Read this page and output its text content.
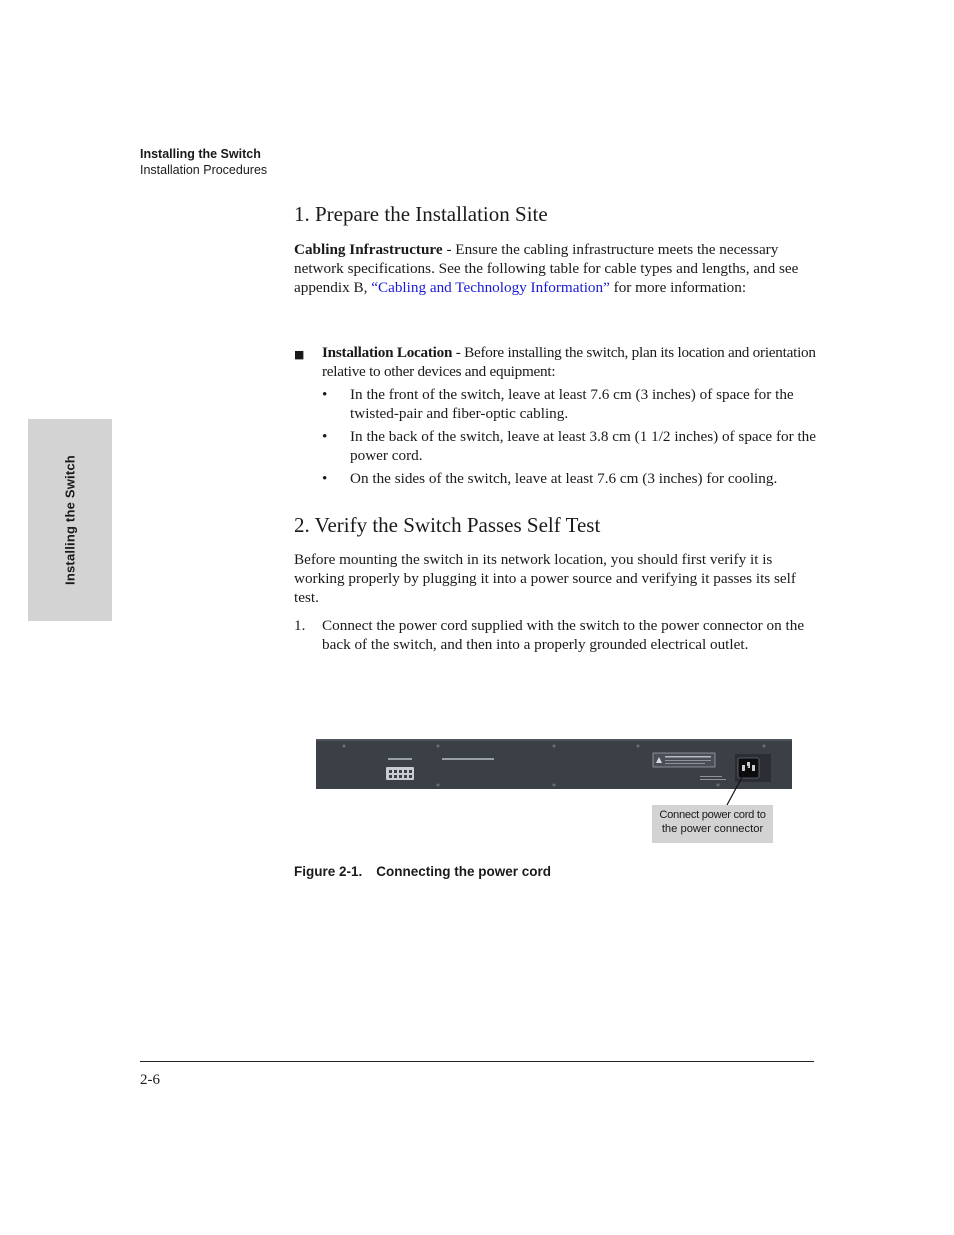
Installing the Switch
Installation Procedures
Installing the Switch
1. Prepare the Installation Site
Cabling Infrastructure - Ensure the cabling infrastructure meets the necessary network specifications. See the following table for cable types and lengths, and see appendix B, “Cabling and Technology Information” for more information:
■ Installation Location - Before installing the switch, plan its location and orientation relative to other devices and equipment:
• In the front of the switch, leave at least 7.6 cm (3 inches) of space for the twisted-pair and fiber-optic cabling.
• In the back of the switch, leave at least 3.8 cm (1 1/2 inches) of space for the power cord.
• On the sides of the switch, leave at least 7.6 cm (3 inches) for cooling.
2. Verify the Switch Passes Self Test
Before mounting the switch in its network location, you should first verify it is working properly by plugging it into a power source and verifying it passes its self test.
1. Connect the power cord supplied with the switch to the power connector on the back of the switch, and then into a properly grounded electrical outlet.
Connect power cord to
the power connector
Figure 2-1. Connecting the power cord
2-6
